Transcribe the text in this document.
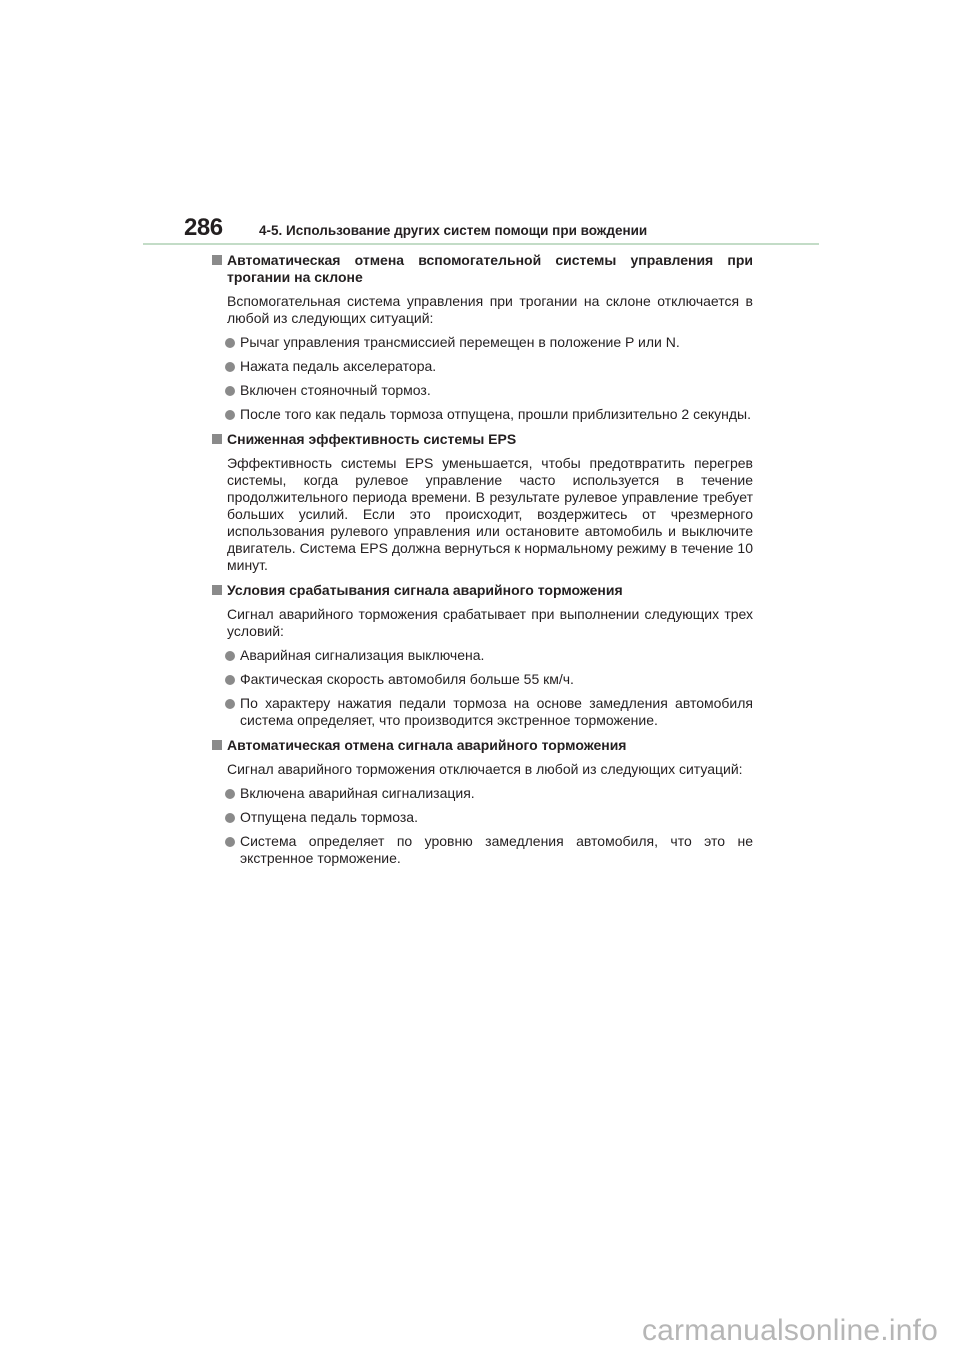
286	4-5. Использование других систем помощи при вождении
Автоматическая отмена вспомогательной системы управления при трогании на склоне
Вспомогательная система управления при трогании на склоне отключается в любой из следующих ситуаций:
Рычаг управления трансмиссией перемещен в положение P или N.
Нажата педаль акселератора.
Включен стояночный тормоз.
После того как педаль тормоза отпущена, прошли приблизительно 2 секунды.
Сниженная эффективность системы EPS
Эффективность системы EPS уменьшается, чтобы предотвратить перегрев системы, когда рулевое управление часто используется в течение продолжительного периода времени. В результате рулевое управление требует больших усилий. Если это происходит, воздержитесь от чрезмерного использования рулевого управления или остановите автомобиль и выключите двигатель. Система EPS должна вернуться к нормальному режиму в течение 10 минут.
Условия срабатывания сигнала аварийного торможения
Сигнал аварийного торможения срабатывает при выполнении следующих трех условий:
Аварийная сигнализация выключена.
Фактическая скорость автомобиля больше 55 км/ч.
По характеру нажатия педали тормоза на основе замедления автомобиля система определяет, что производится экстренное торможение.
Автоматическая отмена сигнала аварийного торможения
Сигнал аварийного торможения отключается в любой из следующих ситуаций:
Включена аварийная сигнализация.
Отпущена педаль тормоза.
Система определяет по уровню замедления автомобиля, что это не экстренное торможение.
carmanualsonline.info
